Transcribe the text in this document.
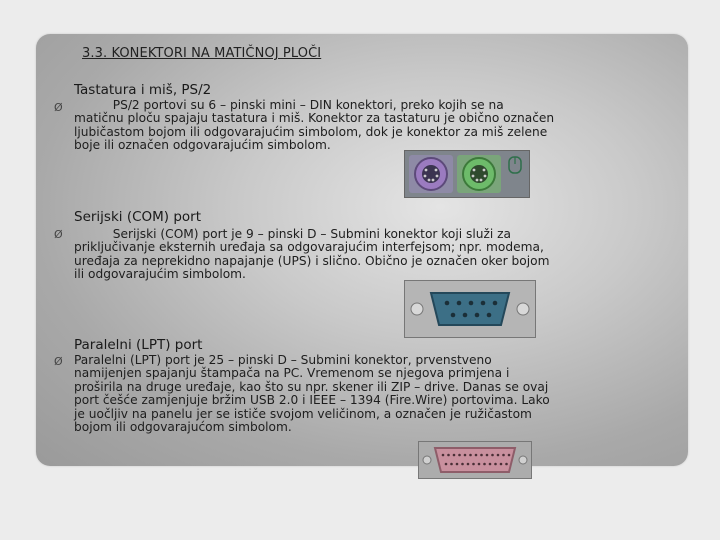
3.3. KONEKTORI NA MATIČNOJ PLOČI
Tastatura i miš, PS/2
Ø PS/2 portovi su 6 – pinski mini – DIN konektori, preko kojih se na
matičnu ploču spajaju tastatura i miš. Konektor za tastaturu je obično označen
ljubičastom bojom ili odgovarajućim simbolom, dok je konektor za miš zelene
boje ili označen odgovarajućim simbolom.
Serijski (COM) port
Ø Serijski (COM) port je 9 – pinski D – Submini konektor koji služi za
priključivanje eksternih uređaja sa odgovarajućim interfejsom; npr. modema,
uređaja za neprekidno napajanje (UPS) i slično. Obično je označen oker bojom
ili odgovarajućim simbolom.
Paralelni (LPT) port
Ø Paralelni (LPT) port je 25 – pinski D – Submini konektor, prvenstveno
namijenjen spajanju štampača na PC. Vremenom se njegova primjena i
proširila na druge uređaje, kao što su npr. skener ili ZIP – drive. Danas se ovaj
port češće zamjenjuje bržim USB 2.0 i IEEE – 1394 (Fire.Wire) portovima. Lako
je uočljiv na panelu jer se ističe svojom veličinom, a označen je ružičastom
bojom ili odgovarajućom simbolom.
